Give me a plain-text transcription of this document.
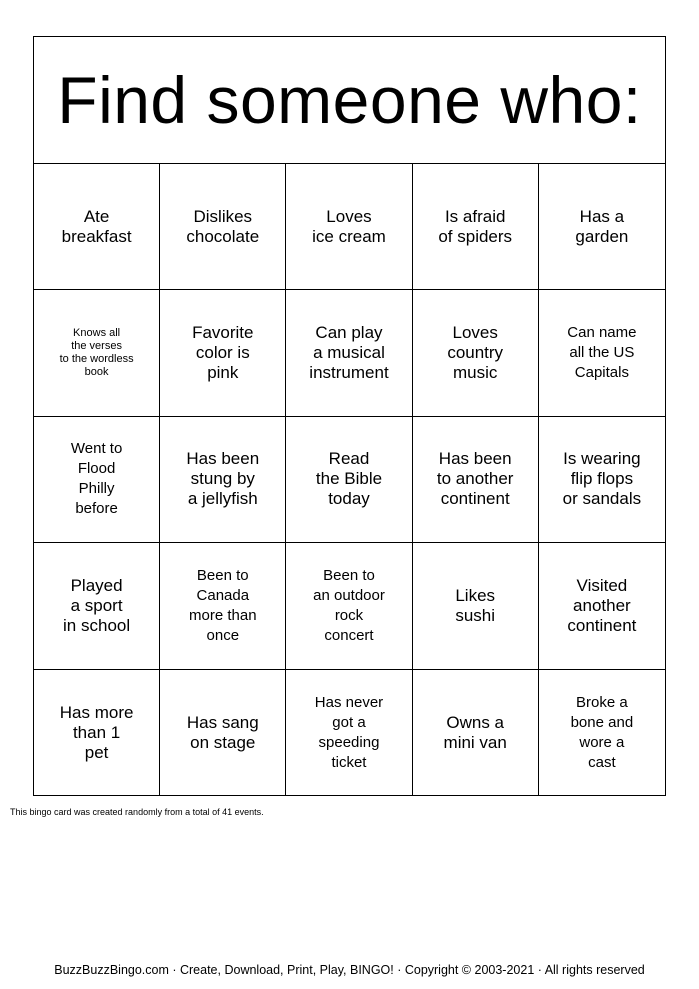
Find someone who:
Ate
breakfast
Dislikes
chocolate
Loves
ice cream
Is afraid
of spiders
Has a
garden
Knows all
the verses
to the wordless
book
Favorite
color is
pink
Can play
a musical
instrument
Loves
country
music
Can name
all the US
Capitals
Went to
Flood
Philly
before
Has been
stung by
a jellyfish
Read
the Bible
today
Has been
to another
continent
Is wearing
flip flops
or sandals
Played
a sport
in school
Been to
Canada
more than
once
Been to
an outdoor
rock
concert
Likes
sushi
Visited
another
continent
Has more
than 1
pet
Has sang
on stage
Has never
got a
speeding
ticket
Owns a
mini van
Broke a
bone and
wore a
cast
This bingo card was created randomly from a total of 41 events.
BuzzBuzzBingo.com · Create, Download, Print, Play, BINGO! · Copyright © 2003-2021 · All rights reserved
